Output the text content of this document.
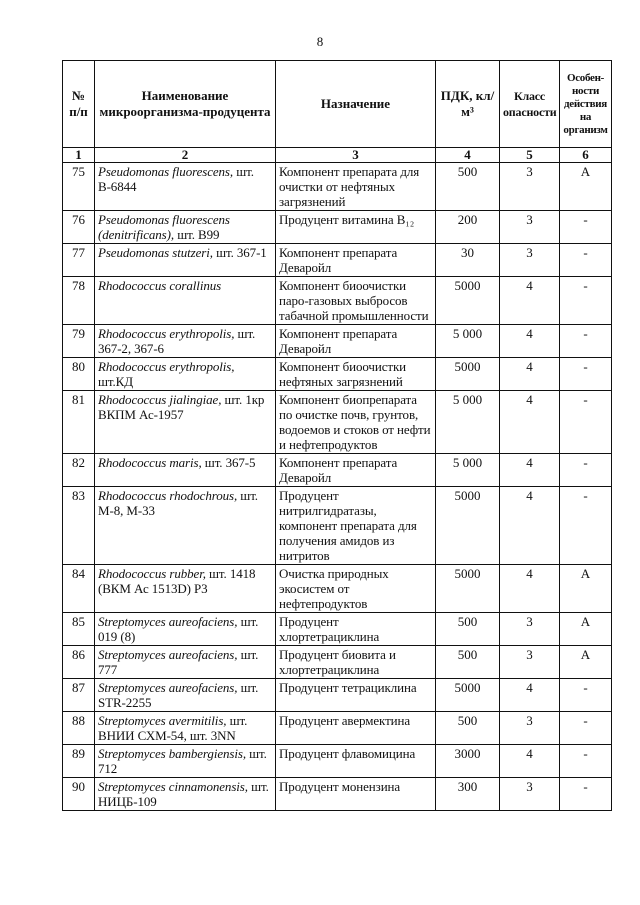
8
№ п/п	Наименование микроорганизма-продуцента	Назначение	ПДК, кл/м³	Класс опасности	Особен-ности действия на организм
1	2	3	4	5	6
75	Pseudomonas fluorescens, шт. В-6844	Компонент препарата для очистки от нефтяных загрязнений	500	3	А
76	Pseudomonas fluorescens (denitrificans), шт. В99	Продуцент витамина В₁₂	200	3	-
77	Pseudomonas stutzeri, шт. 367-1	Компонент препарата Деваройл	30	3	-
78	Rhodococcus corallinus	Компонент биоочистки паро-газовых выбросов табачной промышленности	5000	4	-
79	Rhodococcus erythropolis, шт. 367-2, 367-6	Компонент препарата Деваройл	5 000	4	-
80	Rhodococcus erythropolis, шт.КД	Компонент биоочистки нефтяных загрязнений	5000	4	-
81	Rhodococcus jialingiae, шт. 1кр ВКПМ Ас-1957	Компонент биопрепарата по очистке почв, грунтов, водоемов и стоков от нефти и нефтепродуктов	5 000	4	-
82	Rhodococcus maris, шт. 367-5	Компонент препарата Деваройл	5 000	4	-
83	Rhodococcus rhodochrous, шт. М-8, М-33	Продуцент нитрилгидратазы, компонент препарата для получения амидов из нитритов	5000	4	-
84	Rhodococcus rubber, шт. 1418 (ВКМ Ас 1513D) Р3	Очистка природных экосистем от нефтепродуктов	5000	4	А
85	Streptomyces aureofaciens, шт. 019 (8)	Продуцент хлортетрациклина	500	3	А
86	Streptomyces aureofaciens, шт. 777	Продуцент биовита и хлортетрациклина	500	3	А
87	Streptomyces aureofaciens, шт. STR-2255	Продуцент тетрациклина	5000	4	-
88	Streptomyces avermitilis, шт. ВНИИ СХМ-54, шт. 3NN	Продуцент авермектина	500	3	-
89	Streptomyces bambergiensis, шт. 712	Продуцент флавомицина	3000	4	-
90	Streptomyces cinnamonensis, шт. НИЦБ-109	Продуцент монензина	300	3	-
